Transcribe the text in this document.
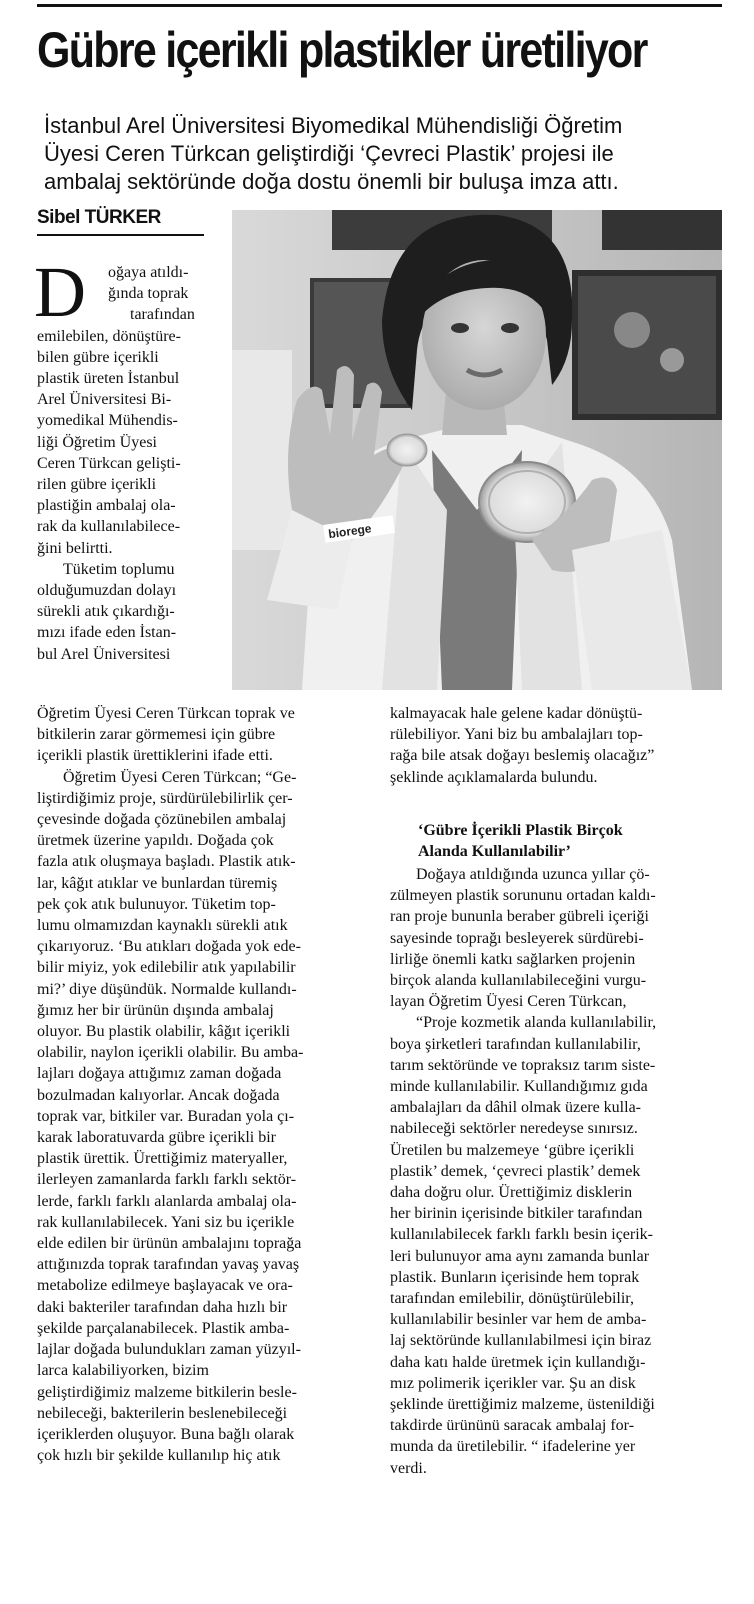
Gübre içerikli plastikler üretiliyor
İstanbul Arel Üniversitesi Biyomedikal Mühendisliği Öğretim
Üyesi Ceren Türkcan geliştirdiği ‘Çevreci Plastik’ projesi ile
ambalaj sektöründe doğa dostu önemli bir buluşa imza attı.
Sibel TÜRKER
biorege
D oğaya atıldı-
ğında toprak
tarafından
emilebilen, dönüştüre-
bilen gübre içerikli
plastik üreten İstanbul
Arel Üniversitesi Bi-
yomedikal Mühendis-
liği Öğretim Üyesi
Ceren Türkcan gelişti-
rilen gübre içerikli
plastiğin ambalaj ola-
rak da kullanılabilece-
ğini belirtti.
Tüketim toplumu
olduğumuzdan dolayı
sürekli atık çıkardığı-
mızı ifade eden İstan-
bul Arel Üniversitesi
Öğretim Üyesi Ceren Türkcan toprak ve
bitkilerin zarar görmemesi için gübre
içerikli plastik ürettiklerini ifade etti.
Öğretim Üyesi Ceren Türkcan; “Ge-
liştirdiğimiz proje, sürdürülebilirlik çer-
çevesinde doğada çözünebilen ambalaj
üretmek üzerine yapıldı. Doğada çok
fazla atık oluşmaya başladı. Plastik atık-
lar, kâğıt atıklar ve bunlardan türemiş
pek çok atık bulunuyor. Tüketim top-
lumu olmamızdan kaynaklı sürekli atık
çıkarıyoruz. ‘Bu atıkları doğada yok ede-
bilir miyiz, yok edilebilir atık yapılabilir
mi?’ diye düşündük. Normalde kullandı-
ğımız her bir ürünün dışında ambalaj
oluyor. Bu plastik olabilir, kâğıt içerikli
olabilir, naylon içerikli olabilir. Bu amba-
lajları doğaya attığımız zaman doğada
bozulmadan kalıyorlar. Ancak doğada
toprak var, bitkiler var. Buradan yola çı-
karak laboratuvarda gübre içerikli bir
plastik ürettik. Ürettiğimiz materyaller,
ilerleyen zamanlarda farklı farklı sektör-
lerde, farklı farklı alanlarda ambalaj ola-
rak kullanılabilecek. Yani siz bu içerikle
elde edilen bir ürünün ambalajını toprağa
attığınızda toprak tarafından yavaş yavaş
metabolize edilmeye başlayacak ve ora-
daki bakteriler tarafından daha hızlı bir
şekilde parçalanabilecek. Plastik amba-
lajlar doğada bulundukları zaman yüzyıl-
larca kalabiliyorken, bizim
geliştirdiğimiz malzeme bitkilerin besle-
nebileceği, bakterilerin beslenebileceği
içeriklerden oluşuyor. Buna bağlı olarak
çok hızlı bir şekilde kullanılıp hiç atık
kalmayacak hale gelene kadar dönüştü-
rülebiliyor. Yani biz bu ambalajları top-
rağa bile atsak doğayı beslemiş olacağız”
şeklinde açıklamalarda bulundu.
‘Gübre İçerikli Plastik Birçok
Alanda Kullanılabilir’
Doğaya atıldığında uzunca yıllar çö-
zülmeyen plastik sorununu ortadan kaldı-
ran proje bununla beraber gübreli içeriği
sayesinde toprağı besleyerek sürdürebi-
lirliğe önemli katkı sağlarken projenin
birçok alanda kullanılabileceğini vurgu-
layan Öğretim Üyesi Ceren Türkcan,
“Proje kozmetik alanda kullanılabilir,
boya şirketleri tarafından kullanılabilir,
tarım sektöründe ve topraksız tarım siste-
minde kullanılabilir. Kullandığımız gıda
ambalajları da dâhil olmak üzere kulla-
nabileceği sektörler neredeyse sınırsız.
Üretilen bu malzemeye ‘gübre içerikli
plastik’ demek, ‘çevreci plastik’ demek
daha doğru olur. Ürettiğimiz disklerin
her birinin içerisinde bitkiler tarafından
kullanılabilecek farklı farklı besin içerik-
leri bulunuyor ama aynı zamanda bunlar
plastik. Bunların içerisinde hem toprak
tarafından emilebilir, dönüştürülebilir,
kullanılabilir besinler var hem de amba-
laj sektöründe kullanılabilmesi için biraz
daha katı halde üretmek için kullandığı-
mız polimerik içerikler var. Şu an disk
şeklinde ürettiğimiz malzeme, üstenildiği
takdirde ürününü saracak ambalaj for-
munda da üretilebilir. “ ifadelerine yer
verdi.
